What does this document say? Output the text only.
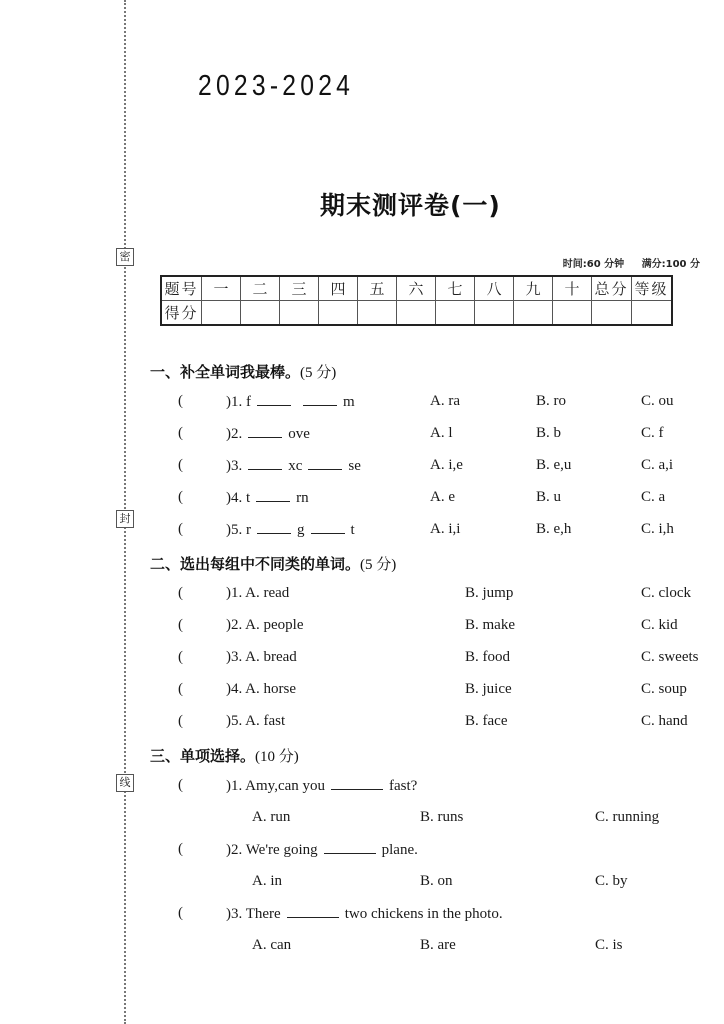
密
封
线
2023-2024
期末测评卷(一)
时间:60 分钟 满分:100 分
题号	一	二	三	四	五	六	七	八	九	十	总分	等级
得分												
一、补全单词我最棒。(5 分)
(	)1. f	m	A. ra	B. ro	C. ou
(	)2.	ove	A. l	B. b	C. f
(	)3.	xc	se	A. i,e	B. e,u	C. a,i
(	)4. t	rn	A. e	B. u	C. a
(	)5. r	g	t	A. i,i	B. e,h	C. i,h
二、选出每组中不同类的单词。(5 分)
(	)1. A. read	B. jump	C. clock
(	)2. A. people	B. make	C. kid
(	)3. A. bread	B. food	C. sweets
(	)4. A. horse	B. juice	C. soup
(	)5. A. fast	B. face	C. hand
三、单项选择。(10 分)
(	)1. Amy,can you	fast?
A. run	B. runs	C. running
(	)2. We're going	plane.
A. in	B. on	C. by
(	)3. There	two chickens in the photo.
A. can	B. are	C. is
